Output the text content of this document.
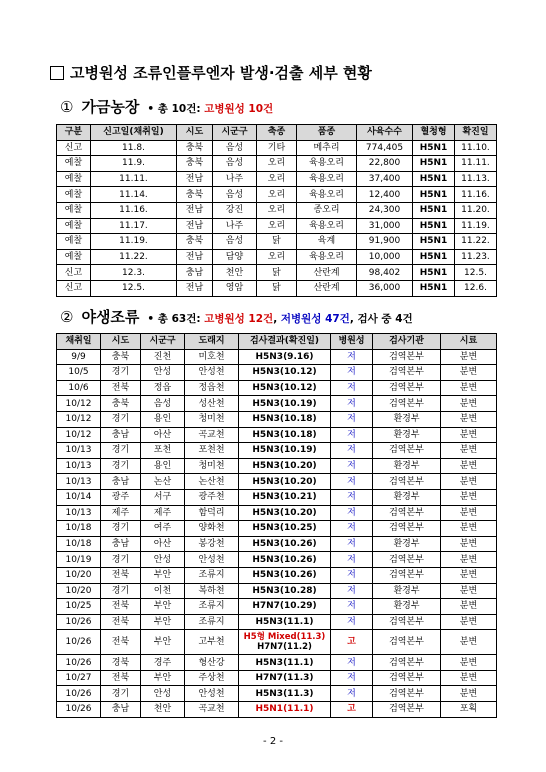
고병원성 조류인플루엔자 발생·검출 세부 현황
① 가금농장 • 총 10건: 고병원성 10건
구분	신고일(채취일)	시도	시군구	축종	품종	사육수수	혈청형	확진일
신고	11.8.	충북	음성	기타	메추리	774,405	H5N1	11.10.
예찰	11.9.	충북	음성	오리	육용오리	22,800	H5N1	11.11.
예찰	11.11.	전남	나주	오리	육용오리	37,400	H5N1	11.13.
예찰	11.14.	충북	음성	오리	육용오리	12,400	H5N1	11.16.
예찰	11.16.	전남	강진	오리	종오리	24,300	H5N1	11.20.
예찰	11.17.	전남	나주	오리	육용오리	31,000	H5N1	11.19.
예찰	11.19.	충북	음성	닭	육계	91,900	H5N1	11.22.
예찰	11.22.	전남	담양	오리	육용오리	10,000	H5N1	11.23.
신고	12.3.	충남	천안	닭	산란계	98,402	H5N1	12.5.
신고	12.5.	전남	영암	닭	산란계	36,000	H5N1	12.6.
② 야생조류 • 총 63건: 고병원성 12건, 저병원성 47건, 검사 중 4건
채취일	시도	시군구	도래지	검사결과(확진일)	병원성	검사기관	시료
9/9	충북	진천	미호천	H5N3(9.16)	저	검역본부	분변
10/5	경기	안성	안성천	H5N3(10.12)	저	검역본부	분변
10/6	전북	정읍	정읍천	H5N3(10.12)	저	검역본부	분변
10/12	충북	음성	성산천	H5N3(10.19)	저	검역본부	분변
10/12	경기	용인	청미천	H5N3(10.18)	저	환경부	분변
10/12	충남	아산	곡교천	H5N3(10.18)	저	환경부	분변
10/13	경기	포천	포천천	H5N3(10.19)	저	검역본부	분변
10/13	경기	용인	청미천	H5N3(10.20)	저	환경부	분변
10/13	충남	논산	논산천	H5N3(10.20)	저	검역본부	분변
10/14	광주	서구	광주천	H5N3(10.21)	저	환경부	분변
10/13	제주	제주	함덕리	H5N3(10.20)	저	검역본부	분변
10/18	경기	여주	양화천	H5N3(10.25)	저	검역본부	분변
10/18	충남	아산	봉강천	H5N3(10.26)	저	환경부	분변
10/19	경기	안성	안성천	H5N3(10.26)	저	검역본부	분변
10/20	전북	부안	조류지	H5N3(10.26)	저	검역본부	분변
10/20	경기	이천	복하천	H5N3(10.28)	저	환경부	분변
10/25	전북	부안	조류지	H7N7(10.29)	저	환경부	분변
10/26	전북	부안	조류지	H5N3(11.1)	저	검역본부	분변
10/26	전북	부안	고부천	H5형 Mixed(11.3)
H7N7(11.2)	고	검역본부	분변
10/26	경북	경주	형산강	H5N3(11.1)	저	검역본부	분변
10/27	전북	부안	주상천	H7N7(11.3)	저	검역본부	분변
10/26	경기	안성	안성천	H5N3(11.3)	저	검역본부	분변
10/26	충남	천안	곡교천	H5N1(11.1)	고	검역본부	포획
- 2 -
